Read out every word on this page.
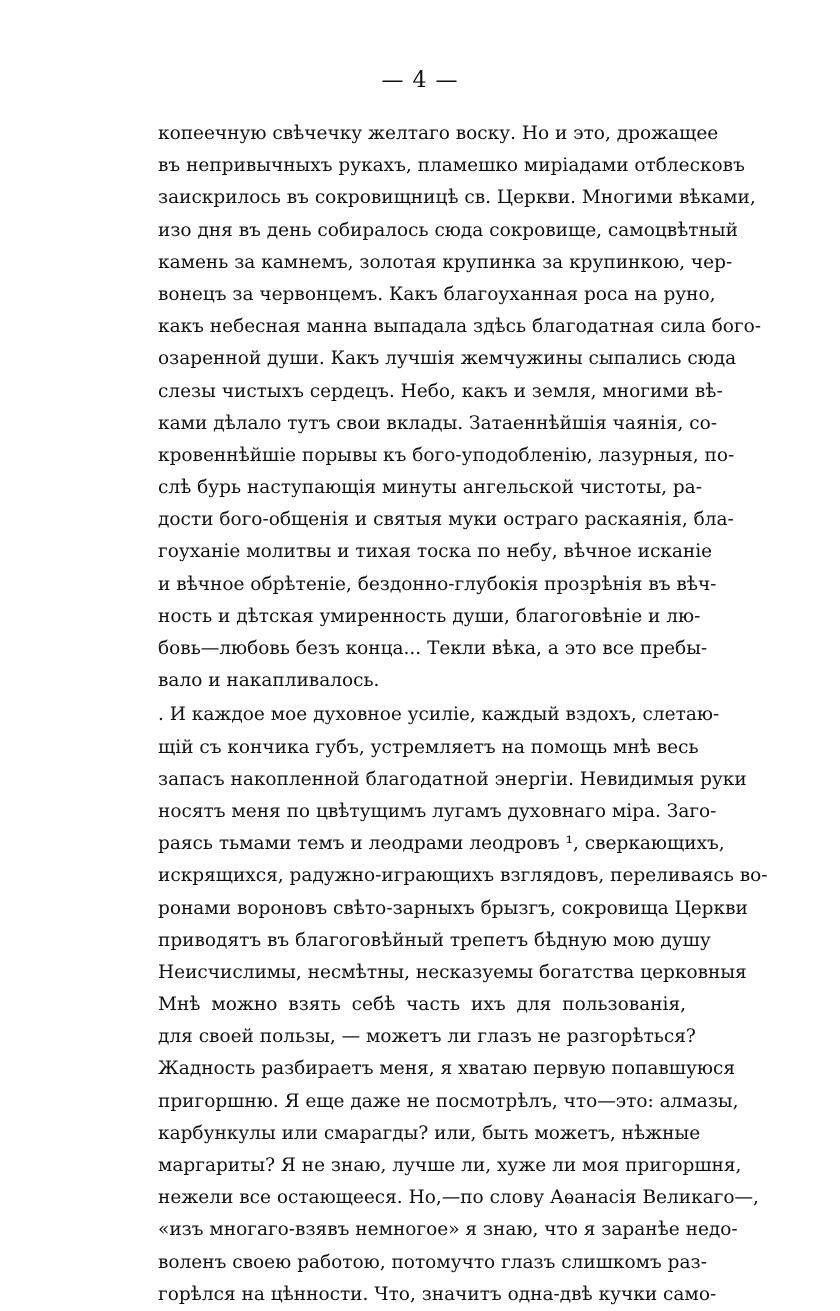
— 4 —
копеечную свѣчечку желтаго воску. Но и это, дрожащее
въ непривычныхъ рукахъ, пламешко миріадами отблесковъ
заискрилось въ сокровищницѣ св. Церкви. Многими вѣками,
изо дня въ день собиралось сюда сокровище, самоцвѣтный
камень за камнемъ, золотая крупинка за крупинкою, чер-
вонецъ за червонцемъ. Какъ благоуханная роса на руно,
какъ небесная манна выпадала здѣсь благодатная сила бого-
озаренной души. Какъ лучшія жемчужины сыпались сюда
слезы чистыхъ сердецъ. Небо, какъ и земля, многими вѣ-
ками дѣлало тутъ свои вклады. Затаеннѣйшія чаянія, со-
кровеннѣйшіе порывы къ бого-уподобленію, лазурныя, по-
слѣ бурь наступающія минуты ангельской чистоты, ра-
дости бого-общенія и святыя муки остраго раскаянія, бла-
гоуханіе молитвы и тихая тоска по небу, вѣчное исканіе
и вѣчное обрѣтеніе, бездонно-глубокія прозрѣнія въ вѣч-
ность и дѣтская умиренность души, благоговѣніе и лю-
бовь—любовь безъ конца... Текли вѣка, а это все пребы-
вало и накапливалось.
. И каждое мое духовное усиліе, каждый вздохъ, слетаю-
щій съ кончика губъ, устремляетъ на помощь мнѣ весь
запасъ накопленной благодатной энергіи. Невидимыя руки
носятъ меня по цвѣтущимъ лугамъ духовнаго міра. Заго-
раясь тьмами темъ и леодрами леодровъ ¹, сверкающихъ,
искрящихся, радужно-играющихъ взглядовъ, переливаясь во-
ронами вороновъ свѣто-зарныхъ брызгъ, сокровища Церкви
приводятъ въ благоговѣйный трепетъ бѣдную мою душу
Неисчислимы, несмѣтны, несказуемы богатства церковныя
Мнѣ можно взять себѣ часть ихъ для пользованія,
для своей пользы, — можетъ ли глазъ не разгорѣться?
Жадность разбираетъ меня, я хватаю первую попавшуюся
пригоршню. Я еще даже не посмотрѣлъ, что—это: алмазы,
карбункулы или смарагды? или, быть можетъ, нѣжные
маргариты? Я не знаю, лучше ли, хуже ли моя пригоршня,
нежели все остающееся. Но,—по слову Аѳанасія Великаго—,
«изъ многаго-взявъ немногое» я знаю, что я заранѣе недо-
воленъ своею работою, потомучто глазъ слишкомъ раз-
горѣлся на цѣнности. Что, значитъ одна-двѣ кучки само-
